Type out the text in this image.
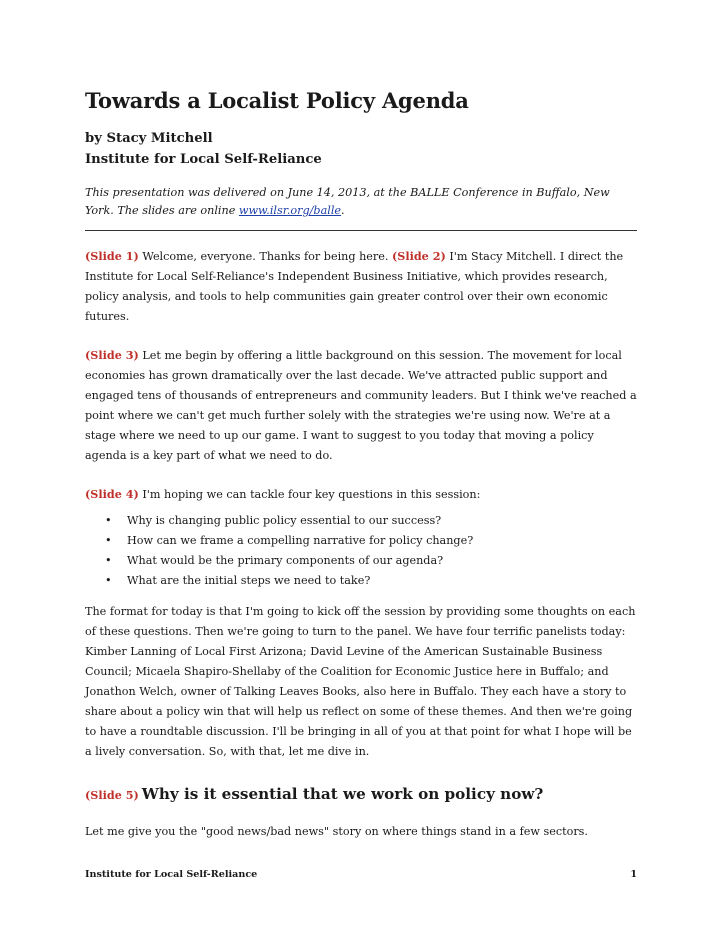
Towards a Localist Policy Agenda
by Stacy Mitchell
Institute for Local Self-Reliance
This presentation was delivered on June 14, 2013, at the BALLE Conference in Buffalo, New York. The slides are online www.ilsr.org/balle.

(Slide 1) Welcome, everyone. Thanks for being here. (Slide 2) I'm Stacy Mitchell. I direct the Institute for Local Self-Reliance's Independent Business Initiative, which provides research, policy analysis, and tools to help communities gain greater control over their own economic futures.

(Slide 3) Let me begin by offering a little background on this session. The movement for local economies has grown dramatically over the last decade. We've attracted public support and engaged tens of thousands of entrepreneurs and community leaders. But I think we've reached a point where we can't get much further solely with the strategies we're using now. We're at a stage where we need to up our game. I want to suggest to you today that moving a policy agenda is a key part of what we need to do.

(Slide 4) I'm hoping we can tackle four key questions in this session:

• Why is changing public policy essential to our success?
• How can we frame a compelling narrative for policy change?
• What would be the primary components of our agenda?
• What are the initial steps we need to take?

The format for today is that I'm going to kick off the session by providing some thoughts on each of these questions. Then we're going to turn to the panel. We have four terrific panelists today: Kimber Lanning of Local First Arizona; David Levine of the American Sustainable Business Council; Micaela Shapiro-Shellaby of the Coalition for Economic Justice here in Buffalo; and Jonathon Welch, owner of Talking Leaves Books, also here in Buffalo. They each have a story to share about a policy win that will help us reflect on some of these themes. And then we're going to have a roundtable discussion. I'll be bringing in all of you at that point for what I hope will be a lively conversation. So, with that, let me dive in.

(Slide 5) Why is it essential that we work on policy now?

Let me give you the "good news/bad news" story on where things stand in a few sectors.

Institute for Local Self-Reliance	1
